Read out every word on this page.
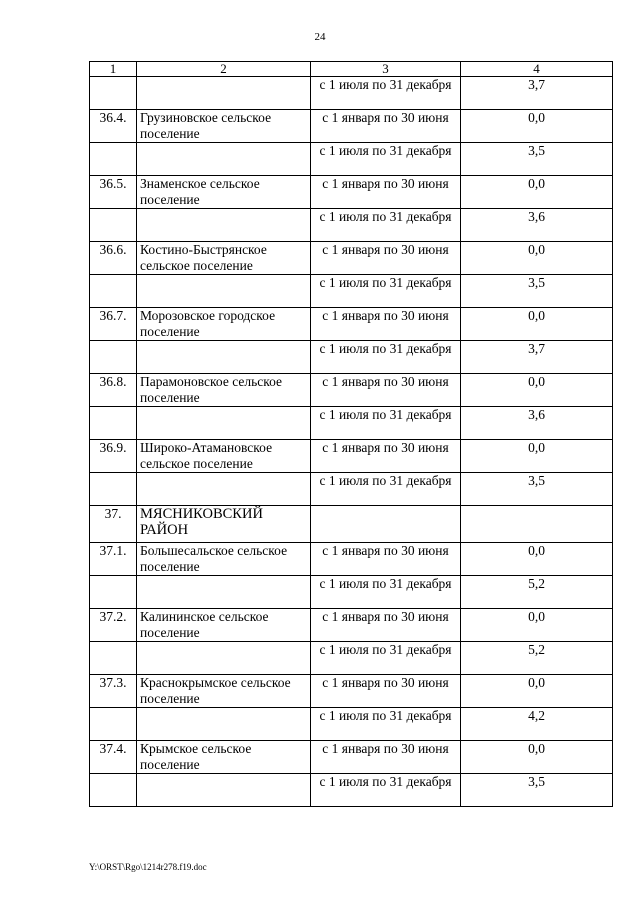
24
1	2	3	4
		с 1 июля по 31 декабря	3,7
36.4.	Грузиновское сельское поселение	с 1 января по 30 июня	0,0
		с 1 июля по 31 декабря	3,5
36.5.	Знаменское сельское поселение	с 1 января по 30 июня	0,0
		с 1 июля по 31 декабря	3,6
36.6.	Костино-Быстрянское сельское поселение	с 1 января по 30 июня	0,0
		с 1 июля по 31 декабря	3,5
36.7.	Морозовское городское поселение	с 1 января по 30 июня	0,0
		с 1 июля по 31 декабря	3,7
36.8.	Парамоновское сельское поселение	с 1 января по 30 июня	0,0
		с 1 июля по 31 декабря	3,6
36.9.	Широко-Атамановское сельское поселение	с 1 января по 30 июня	0,0
		с 1 июля по 31 декабря	3,5
37.	МЯСНИКОВСКИЙ РАЙОН		
37.1.	Большесальское сельское поселение	с 1 января по 30 июня	0,0
		с 1 июля по 31 декабря	5,2
37.2.	Калининское сельское поселение	с 1 января по 30 июня	0,0
		с 1 июля по 31 декабря	5,2
37.3.	Краснокрымское сельское поселение	с 1 января по 30 июня	0,0
		с 1 июля по 31 декабря	4,2
37.4.	Крымское сельское поселение	с 1 января по 30 июня	0,0
		с 1 июля по 31 декабря	3,5
Y:\ORST\Rgo\1214r278.f19.doc
